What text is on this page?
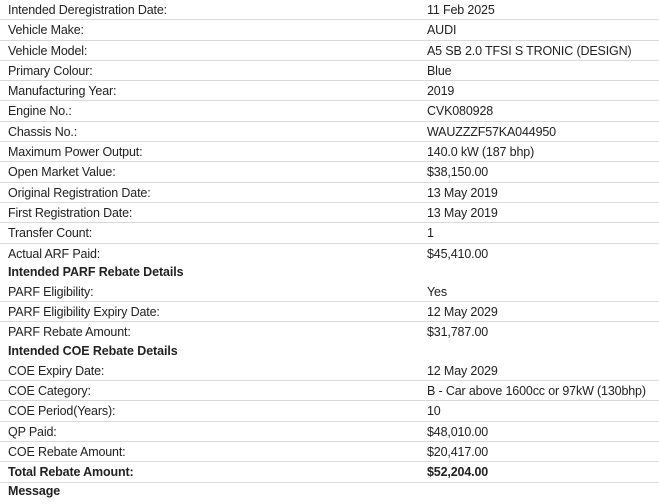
Intended Deregistration Date:	11 Feb 2025
Vehicle Make:	AUDI
Vehicle Model:	A5 SB 2.0 TFSI S TRONIC (DESIGN)
Primary Colour:	Blue
Manufacturing Year:	2019
Engine No.:	CVK080928
Chassis No.:	WAUZZZF57KA044950
Maximum Power Output:	140.0 kW (187 bhp)
Open Market Value:	$38,150.00
Original Registration Date:	13 May 2019
First Registration Date:	13 May 2019
Transfer Count:	1
Actual ARF Paid:	$45,410.00
Intended PARF Rebate Details
PARF Eligibility:	Yes
PARF Eligibility Expiry Date:	12 May 2029
PARF Rebate Amount:	$31,787.00
Intended COE Rebate Details
COE Expiry Date:	12 May 2029
COE Category:	B - Car above 1600cc or 97kW (130bhp)
COE Period(Years):	10
QP Paid:	$48,010.00
COE Rebate Amount:	$20,417.00
Total Rebate Amount:	$52,204.00
Message
